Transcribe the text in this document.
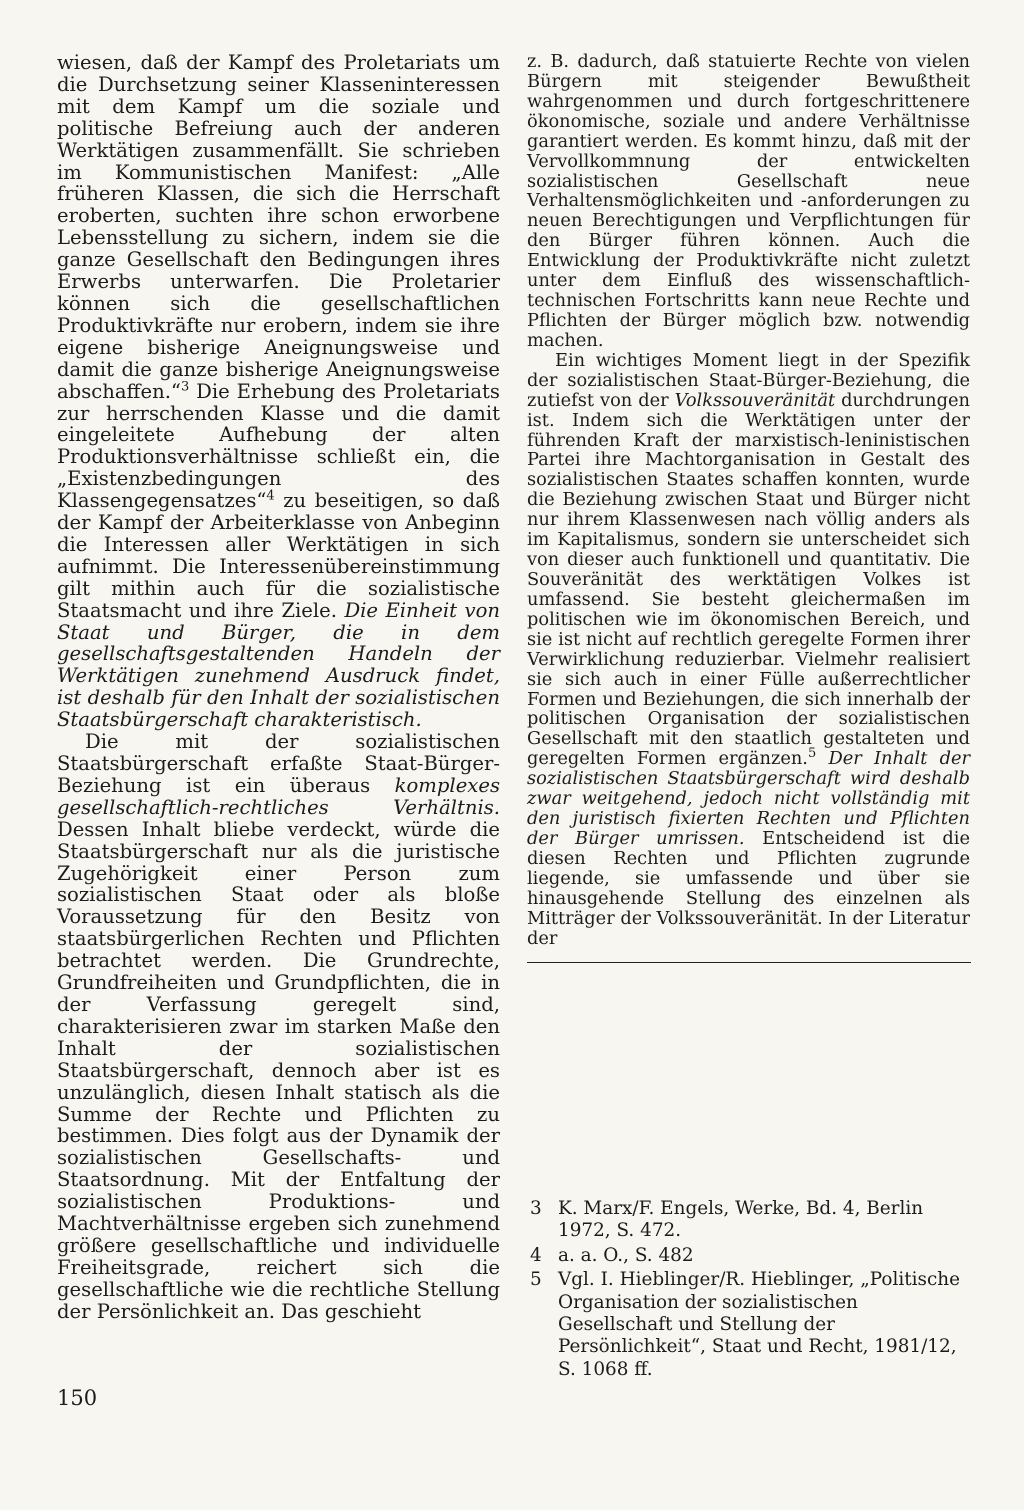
wiesen, daß der Kampf des Proletariats um die Durchsetzung seiner Klasseninteressen mit dem Kampf um die soziale und politische Befreiung auch der anderen Werktätigen zusammenfällt. Sie schrieben im Kommunistischen Manifest: „Alle früheren Klassen, die sich die Herrschaft eroberten, suchten ihre schon erworbene Lebensstellung zu sichern, indem sie die ganze Gesellschaft den Bedingungen ihres Erwerbs unterwarfen. Die Proletarier können sich die gesellschaftlichen Produktivkräfte nur erobern, indem sie ihre eigene bisherige Aneignungsweise und damit die ganze bisherige Aneignungsweise abschaffen.“$^3$ Die Erhebung des Proletariats zur herrschenden Klasse und die damit eingeleitete Aufhebung der alten Produktionsverhältnisse schließt ein, die „Existenzbedingungen des Klassengegensatzes“$^4$ zu beseitigen, so daß der Kampf der Arbeiterklasse von Anbeginn die Interessen aller Werktätigen in sich aufnimmt. Die Interessenübereinstimmung gilt mithin auch für die sozialistische Staatsmacht und ihre Ziele. Die Einheit von Staat und Bürger, die in dem gesellschaftsgestaltenden Handeln der Werktätigen zunehmend Ausdruck findet, ist deshalb für den Inhalt der sozialistischen Staatsbürgerschaft charakteristisch.

Die mit der sozialistischen Staatsbürgerschaft erfaßte Staat-Bürger-Beziehung ist ein überaus komplexes gesellschaftlich-rechtliches Verhältnis. Dessen Inhalt bliebe verdeckt, würde die Staatsbürgerschaft nur als die juristische Zugehörigkeit einer Person zum sozialistischen Staat oder als bloße Voraussetzung für den Besitz von staatsbürgerlichen Rechten und Pflichten betrachtet werden. Die Grundrechte, Grundfreiheiten und Grundpflichten, die in der Verfassung geregelt sind, charakterisieren zwar im starken Maße den Inhalt der sozialistischen Staatsbürgerschaft, dennoch aber ist es unzulänglich, diesen Inhalt statisch als die Summe der Rechte und Pflichten zu bestimmen. Dies folgt aus der Dynamik der sozialistischen Gesellschafts- und Staatsordnung. Mit der Entfaltung der sozialistischen Produktions- und Machtverhältnisse ergeben sich zunehmend größere gesellschaftliche und individuelle Freiheitsgrade, reichert sich die gesellschaftliche wie die rechtliche Stellung der Persönlichkeit an. Das geschieht

z. B. dadurch, daß statuierte Rechte von vielen Bürgern mit steigender Bewußtheit wahrgenommen und durch fortgeschrittenere ökonomische, soziale und andere Verhältnisse garantiert werden. Es kommt hinzu, daß mit der Vervollkommnung der entwickelten sozialistischen Gesellschaft neue Verhaltensmöglichkeiten und -anforderungen zu neuen Berechtigungen und Verpflichtungen für den Bürger führen können. Auch die Entwicklung der Produktivkräfte nicht zuletzt unter dem Einfluß des wissenschaftlich-technischen Fortschritts kann neue Rechte und Pflichten der Bürger möglich bzw. notwendig machen.

Ein wichtiges Moment liegt in der Spezifik der sozialistischen Staat-Bürger-Beziehung, die zutiefst von der Volkssouveränität durchdrungen ist. Indem sich die Werktätigen unter der führenden Kraft der marxistisch-leninistischen Partei ihre Machtorganisation in Gestalt des sozialistischen Staates schaffen konnten, wurde die Beziehung zwischen Staat und Bürger nicht nur ihrem Klassenwesen nach völlig anders als im Kapitalismus, sondern sie unterscheidet sich von dieser auch funktionell und quantitativ. Die Souveränität des werktätigen Volkes ist umfassend. Sie besteht gleichermaßen im politischen wie im ökonomischen Bereich, und sie ist nicht auf rechtlich geregelte Formen ihrer Verwirklichung reduzierbar. Vielmehr realisiert sie sich auch in einer Fülle außerrechtlicher Formen und Beziehungen, die sich innerhalb der politischen Organisation der sozialistischen Gesellschaft mit den staatlich gestalteten und geregelten Formen ergänzen.$^5$ Der Inhalt der sozialistischen Staatsbürgerschaft wird deshalb zwar weitgehend, jedoch nicht vollständig mit den juristisch fixierten Rechten und Pflichten der Bürger umrissen. Entscheidend ist die diesen Rechten und Pflichten zugrunde liegende, sie umfassende und über sie hinausgehende Stellung des einzelnen als Mitträger der Volkssouveränität. In der Literatur der

3 K. Marx/F. Engels, Werke, Bd. 4, Berlin 1972, S. 472.
4 a. a. O., S. 482
5 Vgl. I. Hieblinger/R. Hieblinger, „Politische Organisation der sozialistischen Gesellschaft und Stellung der Persönlichkeit“, Staat und Recht, 1981/12, S. 1068 ff.
150
